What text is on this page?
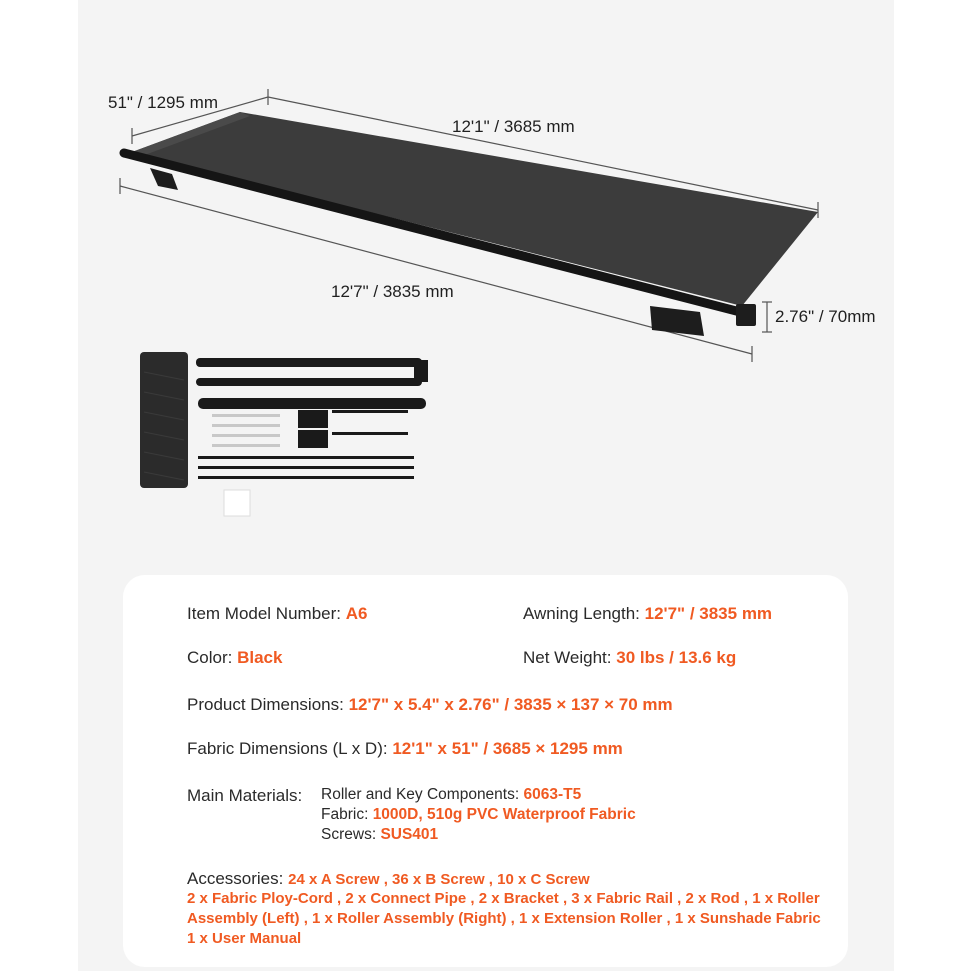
51" / 1295 mm
12'1" / 3685 mm
12'7" / 3835 mm
2.76" / 70mm
Item Model Number: A6	Awning Length: 12'7" / 3835 mm
Color: Black	Net Weight: 30 lbs / 13.6 kg
Product Dimensions: 12'7" x 5.4" x 2.76" / 3835 × 137 × 70 mm
Fabric Dimensions (L x D): 12'1" x 51" / 3685 × 1295 mm
Main Materials: Roller and Key Components: 6063-T5
Fabric: 1000D, 510g PVC Waterproof Fabric
Screws: SUS401
Accessories: 24 x A Screw , 36 x B Screw , 10 x C Screw
2 x Fabric Ploy-Cord , 2 x Connect Pipe , 2 x Bracket , 3 x Fabric Rail , 2 x Rod , 1 x Roller
Assembly (Left) , 1 x Roller Assembly (Right) , 1 x Extension Roller , 1 x Sunshade Fabric
1 x User Manual
